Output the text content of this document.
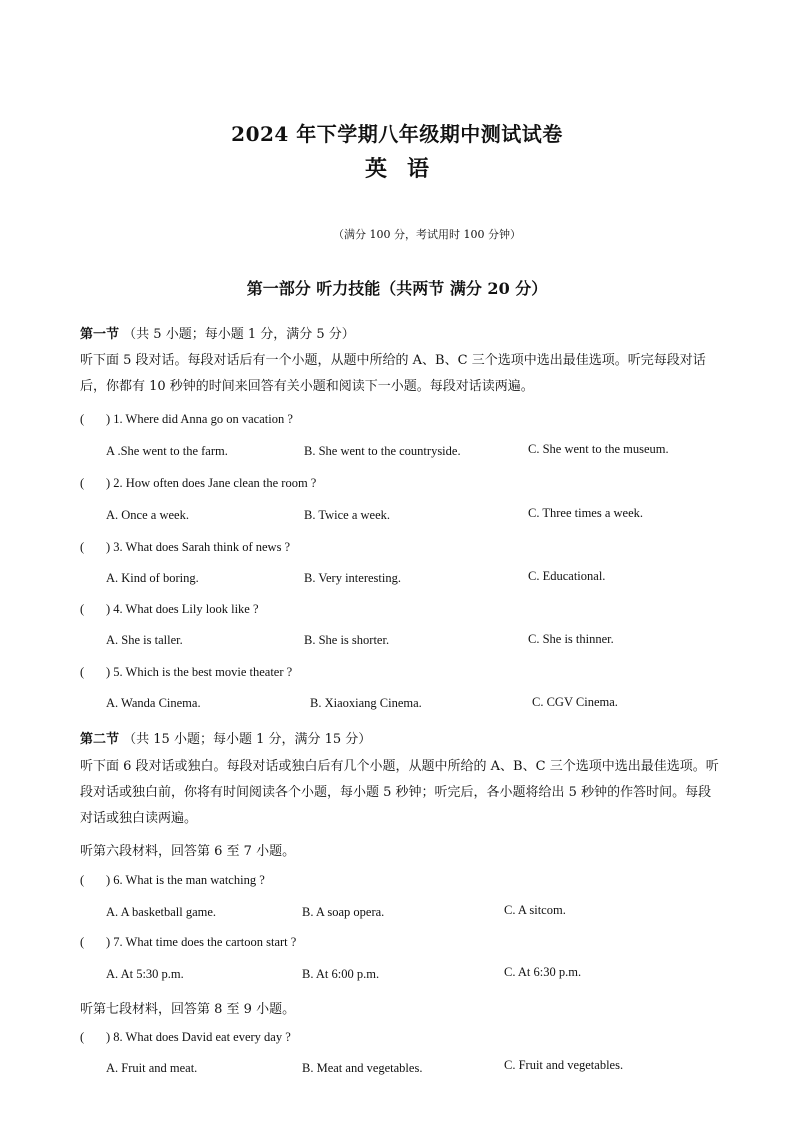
2024 年下学期八年级期中测试试卷
英语
（满分 100 分，考试用时 100 分钟）
第一部分 听力技能（共两节 满分 20 分）
第一节 （共 5 小题；每小题 1 分，满分 5 分）
听下面 5 段对话。每段对话后有一个小题，从题中所给的 A、B、C 三个选项中选出最佳选项。听完每段对话后，你都有 10 秒钟的时间来回答有关小题和阅读下一小题。每段对话读两遍。
( ) 1. Where did Anna go on vacation ?
A .She went to the farm.	B. She went to the countryside.	C. She went to the museum.
( ) 2. How often does Jane clean the room ?
A. Once a week.	B. Twice a week.	C. Three times a week.
( ) 3. What does Sarah think of news ?
A. Kind of boring.	B. Very interesting.	C. Educational.
( ) 4. What does Lily look like ?
A. She is taller.	B. She is shorter.	C. She is thinner.
( ) 5. Which is the best movie theater ?
A. Wanda Cinema.	B. Xiaoxiang Cinema.	C. CGV Cinema.
第二节 （共 15 小题；每小题 1 分，满分 15 分）
听下面 6 段对话或独白。每段对话或独白后有几个小题，从题中所给的 A、B、C 三个选项中选出最佳选项。听段对话或独白前，你将有时间阅读各个小题，每小题 5 秒钟；听完后，各小题将给出 5 秒钟的作答时间。每段对话或独白读两遍。
听第六段材料，回答第 6 至 7 小题。
( ) 6. What is the man watching ?
A. A basketball game.	B. A soap opera.	C. A sitcom.
( ) 7. What time does the cartoon start ?
A. At 5:30 p.m.	B. At 6:00 p.m.	C. At 6:30 p.m.
听第七段材料，回答第 8 至 9 小题。
( ) 8. What does David eat every day ?
A. Fruit and meat.	B. Meat and vegetables.	C. Fruit and vegetables.
